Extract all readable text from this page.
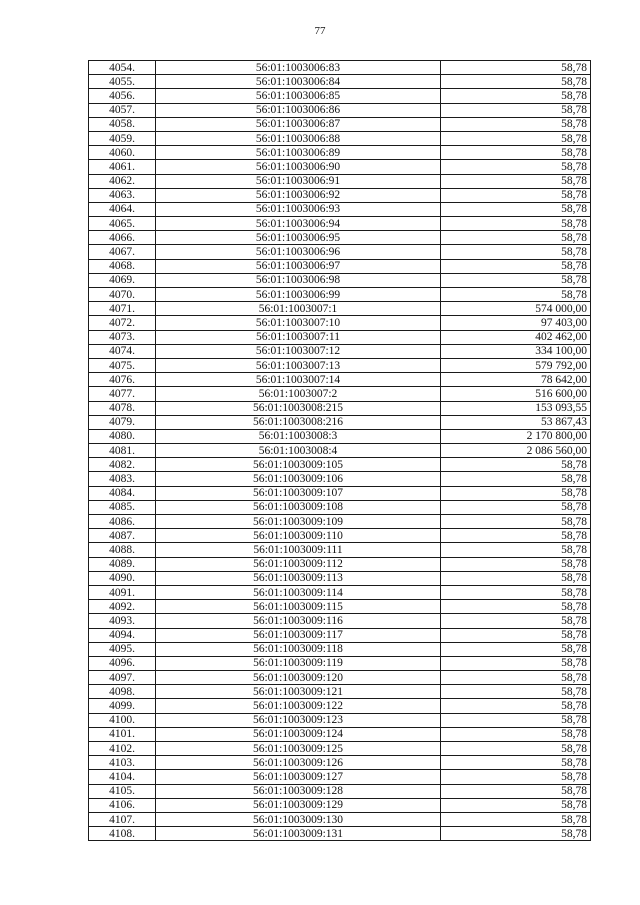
77
4054.	56:01:1003006:83	58,78
4055.	56:01:1003006:84	58,78
4056.	56:01:1003006:85	58,78
4057.	56:01:1003006:86	58,78
4058.	56:01:1003006:87	58,78
4059.	56:01:1003006:88	58,78
4060.	56:01:1003006:89	58,78
4061.	56:01:1003006:90	58,78
4062.	56:01:1003006:91	58,78
4063.	56:01:1003006:92	58,78
4064.	56:01:1003006:93	58,78
4065.	56:01:1003006:94	58,78
4066.	56:01:1003006:95	58,78
4067.	56:01:1003006:96	58,78
4068.	56:01:1003006:97	58,78
4069.	56:01:1003006:98	58,78
4070.	56:01:1003006:99	58,78
4071.	56:01:1003007:1	574 000,00
4072.	56:01:1003007:10	97 403,00
4073.	56:01:1003007:11	402 462,00
4074.	56:01:1003007:12	334 100,00
4075.	56:01:1003007:13	579 792,00
4076.	56:01:1003007:14	78 642,00
4077.	56:01:1003007:2	516 600,00
4078.	56:01:1003008:215	153 093,55
4079.	56:01:1003008:216	53 867,43
4080.	56:01:1003008:3	2 170 800,00
4081.	56:01:1003008:4	2 086 560,00
4082.	56:01:1003009:105	58,78
4083.	56:01:1003009:106	58,78
4084.	56:01:1003009:107	58,78
4085.	56:01:1003009:108	58,78
4086.	56:01:1003009:109	58,78
4087.	56:01:1003009:110	58,78
4088.	56:01:1003009:111	58,78
4089.	56:01:1003009:112	58,78
4090.	56:01:1003009:113	58,78
4091.	56:01:1003009:114	58,78
4092.	56:01:1003009:115	58,78
4093.	56:01:1003009:116	58,78
4094.	56:01:1003009:117	58,78
4095.	56:01:1003009:118	58,78
4096.	56:01:1003009:119	58,78
4097.	56:01:1003009:120	58,78
4098.	56:01:1003009:121	58,78
4099.	56:01:1003009:122	58,78
4100.	56:01:1003009:123	58,78
4101.	56:01:1003009:124	58,78
4102.	56:01:1003009:125	58,78
4103.	56:01:1003009:126	58,78
4104.	56:01:1003009:127	58,78
4105.	56:01:1003009:128	58,78
4106.	56:01:1003009:129	58,78
4107.	56:01:1003009:130	58,78
4108.	56:01:1003009:131	58,78
